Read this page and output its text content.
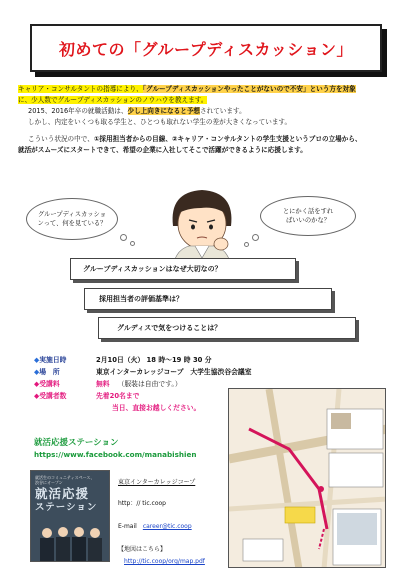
初めての「グループディスカッション」

キャリア・コンサルタントの指導により、「グループディスカッションやったことがないので不安」という方を対象

に、少人数でグループディスカッションのノウハウを教えます。

2015、2016年卒の就職活動は、少し上向きになると予想されています。

しかし、内定をいくつも取る学生と、ひとつも取れない学生の差が大きくなっています。

こういう状況の中で、①採用担当者からの目線、②キャリア・コンサルタントの学生支援というプロの立場から、

就活がスムーズにスタートできて、希望の企業に入社してそこで活躍ができるように応援します。

グループディスカッショ
ンって、何を見ている？
とにかく話をすれ
ばいいのかな？
グループディスカッションはなぜ大切なの？
採用担当者の評価基準は？
グルディスで気をつけることは？
◆実施日時	2月10日（火） 18 時～19 時 30 分
◆場　所	東京インターカレッジコープ　大学生協渋谷会議室
◆受講料	無料 （服装は自由です。）
◆受講者数	先着20名まで
当日、直接お越しください。
就活応援ステーション
https://www.facebook.com/manabishien
就活生のコミュニティスペース、
渋谷にオープン
就活応援
ステーション
東京インターカレッジコープ
http：// tic.coop
E-mail　 career@tic.coop
【地図はこちら】
http://tic.coop/org/map.pdf
